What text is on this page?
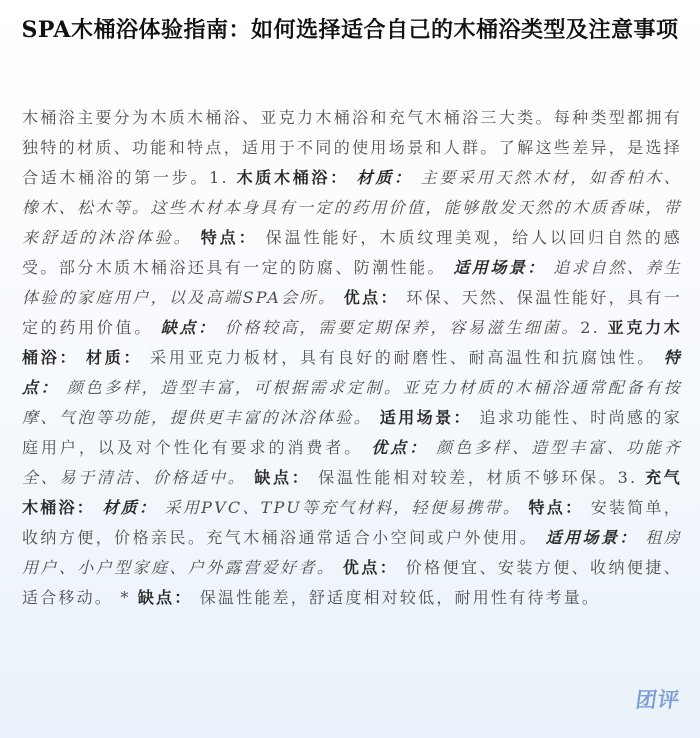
SPA木桶浴体验指南：如何选择适合自己的木桶浴类型及注意事项

木桶浴主要分为木质木桶浴、亚克力木桶浴和充气木桶浴三大类。每种类型都拥有独特的材质、功能和特点，适用于不同的使用场景和人群。了解这些差异，是选择合适木桶浴的第一步。1. 木质木桶浴： 材质： 主要采用天然木材，如香柏木、橡木、松木等。这些木材本身具有一定的药用价值，能够散发天然的木质香味，带来舒适的沐浴体验。 特点： 保温性能好，木质纹理美观，给人以回归自然的感受。部分木质木桶浴还具有一定的防腐、防潮性能。 适用场景： 追求自然、养生体验的家庭用户，以及高端SPA会所。 优点： 环保、天然、保温性能好，具有一定的药用价值。 缺点： 价格较高，需要定期保养，容易滋生细菌。2. 亚克力木桶浴： 材质： 采用亚克力板材，具有良好的耐磨性、耐高温性和抗腐蚀性。 特点： 颜色多样，造型丰富，可根据需求定制。亚克力材质的木桶浴通常配备有按摩、气泡等功能，提供更丰富的沐浴体验。 适用场景： 追求功能性、时尚感的家庭用户，以及对个性化有要求的消费者。 优点： 颜色多样、造型丰富、功能齐全、易于清洁、价格适中。 缺点： 保温性能相对较差，材质不够环保。3. 充气木桶浴： 材质： 采用PVC、TPU等充气材料，轻便易携带。 特点： 安装简单，收纳方便，价格亲民。充气木桶浴通常适合小空间或户外使用。 适用场景： 租房用户、小户型家庭、户外露营爱好者。 优点： 价格便宜、安装方便、收纳便捷、适合移动。 * 缺点： 保温性能差，舒适度相对较低，耐用性有待考量。

团评
